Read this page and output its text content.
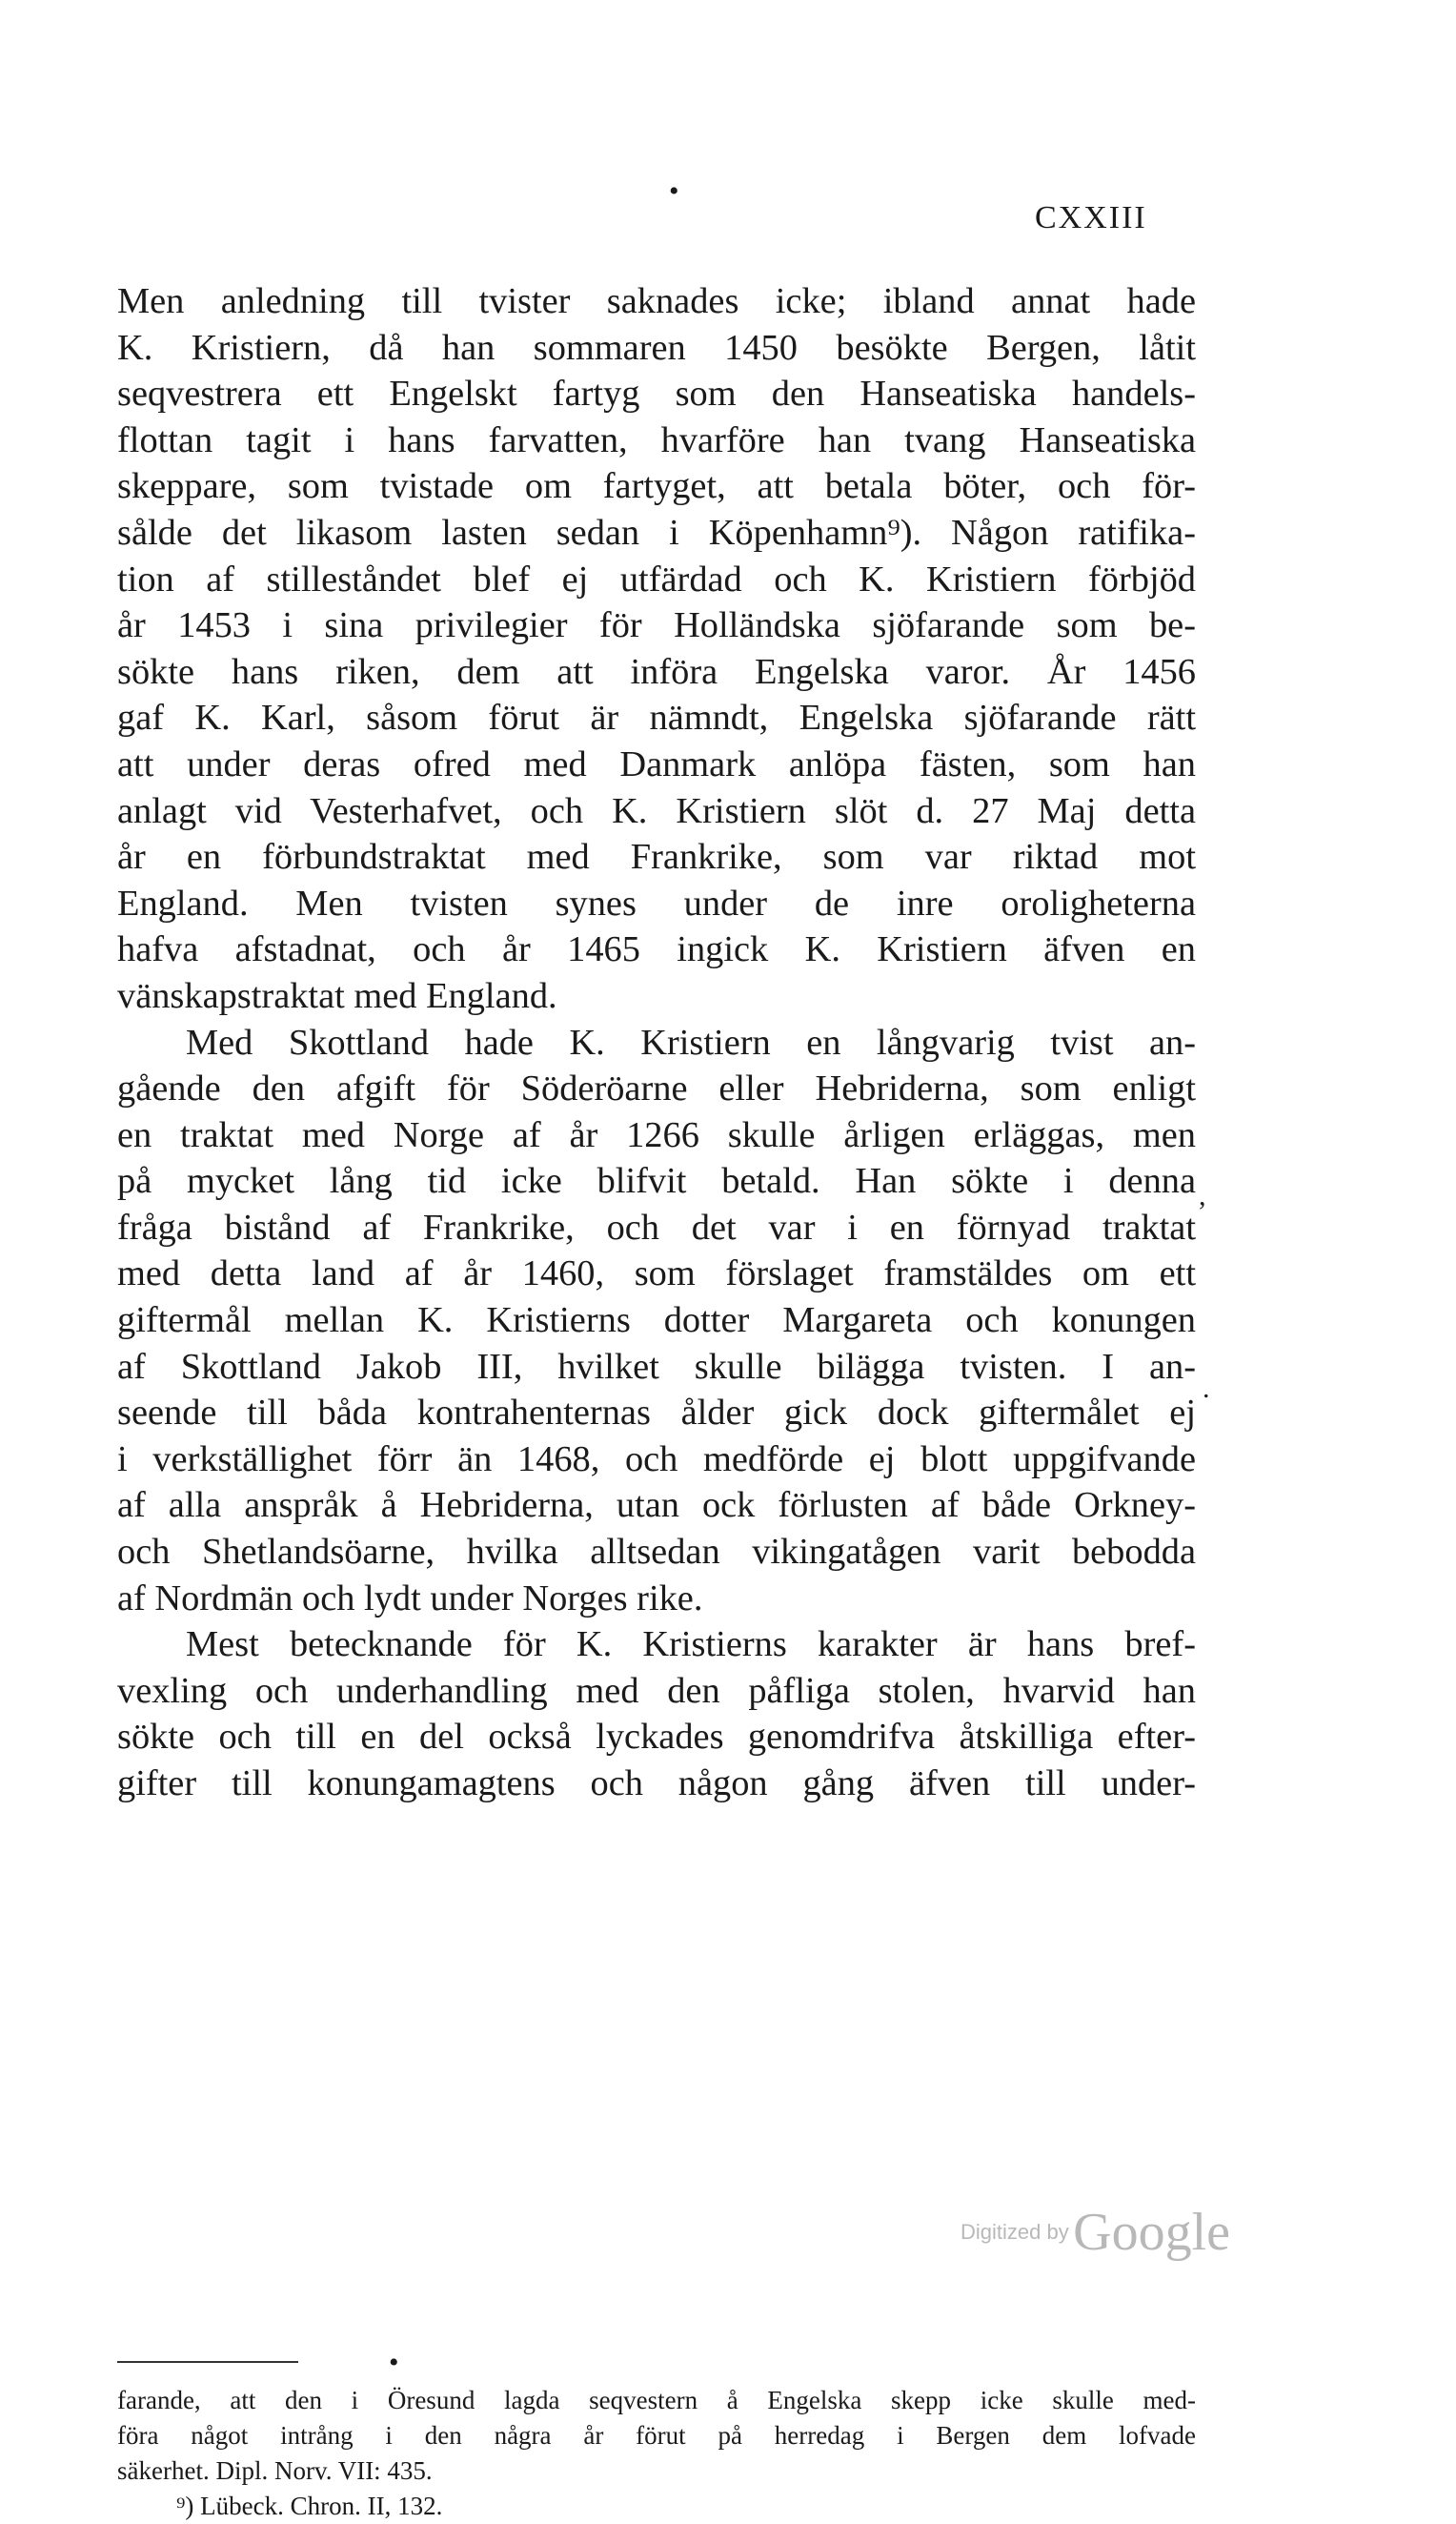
CXXIII
•
,
.
•
Men anledning till tvister saknades icke; ibland annat hade
K. Kristiern, då han sommaren 1450 besökte Bergen, låtit
seqvestrera ett Engelskt fartyg som den Hanseatiska handels-
flottan tagit i hans farvatten, hvarföre han tvang Hanseatiska
skeppare, som tvistade om fartyget, att betala böter, och för-
sålde det likasom lasten sedan i Köpenhamn⁹). Någon ratifika-
tion af stilleståndet blef ej utfärdad och K. Kristiern förbjöd
år 1453 i sina privilegier för Holländska sjöfarande som be-
sökte hans riken, dem att införa Engelska varor. År 1456
gaf K. Karl, såsom förut är nämndt, Engelska sjöfarande rätt
att under deras ofred med Danmark anlöpa fästen, som han
anlagt vid Vesterhafvet, och K. Kristiern slöt d. 27 Maj detta
år en förbundstraktat med Frankrike, som var riktad mot
England. Men tvisten synes under de inre oroligheterna
hafva afstadnat, och år 1465 ingick K. Kristiern äfven en
vänskapstraktat med England.
Med Skottland hade K. Kristiern en långvarig tvist an-
gående den afgift för Söderöarne eller Hebriderna, som enligt
en traktat med Norge af år 1266 skulle årligen erläggas, men
på mycket lång tid icke blifvit betald. Han sökte i denna
fråga bistånd af Frankrike, och det var i en förnyad traktat
med detta land af år 1460, som förslaget framstäldes om ett
giftermål mellan K. Kristierns dotter Margareta och konungen
af Skottland Jakob III, hvilket skulle bilägga tvisten. I an-
seende till båda kontrahenternas ålder gick dock giftermålet ej
i verkställighet förr än 1468, och medförde ej blott uppgifvande
af alla anspråk å Hebriderna, utan ock förlusten af både Orkney-
och Shetlandsöarne, hvilka alltsedan vikingatågen varit bebodda
af Nordmän och lydt under Norges rike.
Mest betecknande för K. Kristierns karakter är hans bref-
vexling och underhandling med den påfliga stolen, hvarvid han
sökte och till en del också lyckades genomdrifva åtskilliga efter-
gifter till konungamagtens och någon gång äfven till under-
Digitized by Google
farande, att den i Öresund lagda seqvestern å Engelska skepp icke skulle med-
föra något intrång i den några år förut på herredag i Bergen dem lofvade
säkerhet. Dipl. Norv. VII: 435.
⁹) Lübeck. Chron. II, 132.
